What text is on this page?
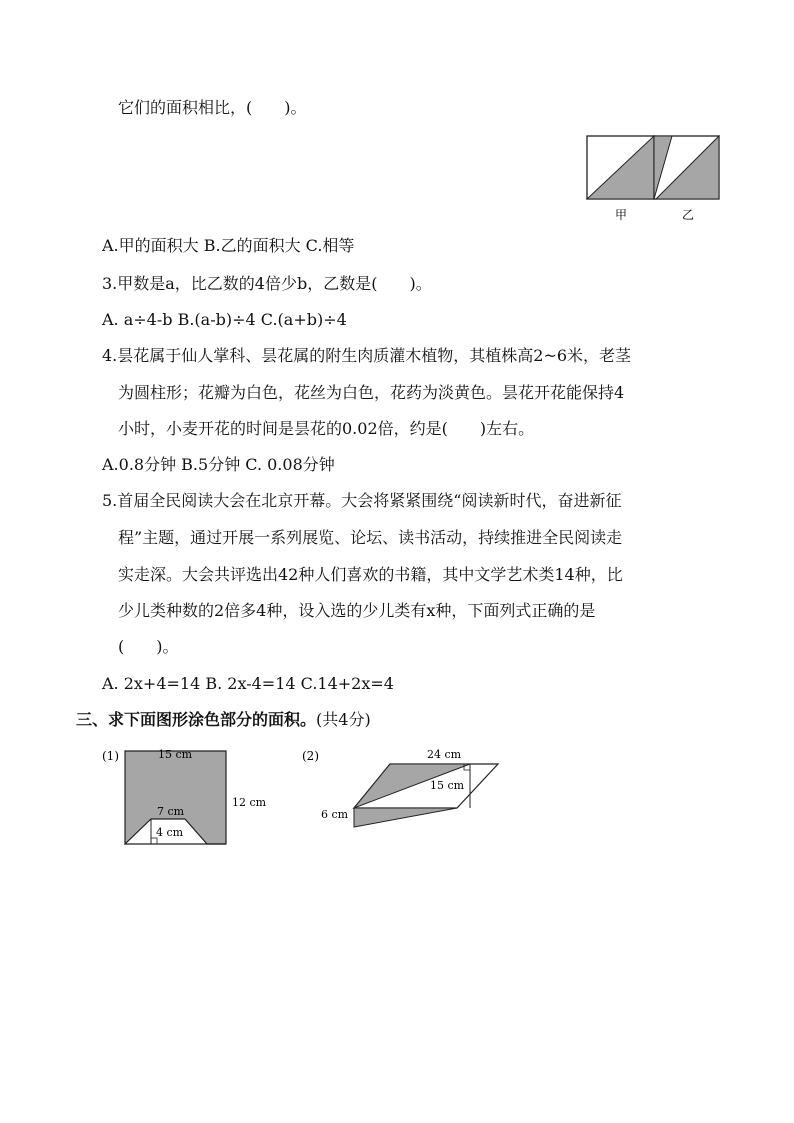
它们的面积相比，(　　)。
甲	乙
A.甲的面积大 B.乙的面积大 C.相等
3.甲数是a，比乙数的4倍少b，乙数是(　　)。
A. a÷4-b B.(a-b)÷4 C.(a+b)÷4
4.昙花属于仙人掌科、昙花属的附生肉质灌木植物，其植株高2~6米，老茎
为圆柱形；花瓣为白色，花丝为白色，花药为淡黄色。昙花开花能保持4
小时，小麦开花的时间是昙花的0.02倍，约是(　　)左右。
A.0.8分钟 B.5分钟 C. 0.08分钟
5.首届全民阅读大会在北京开幕。大会将紧紧围绕“阅读新时代，奋进新征
程”主题，通过开展一系列展览、论坛、读书活动，持续推进全民阅读走
实走深。大会共评选出42种人们喜欢的书籍，其中文学艺术类14种，比
少儿类种数的2倍多4种，设入选的少儿类有x种，下面列式正确的是
(　　)。
A. 2x+4=14 B. 2x-4=14 C.14+2x=4
三、求下面图形涂色部分的面积。(共4分)
(1)	15 cm
12 cm
7 cm
4 cm
(2)	24 cm
15 cm
6 cm
